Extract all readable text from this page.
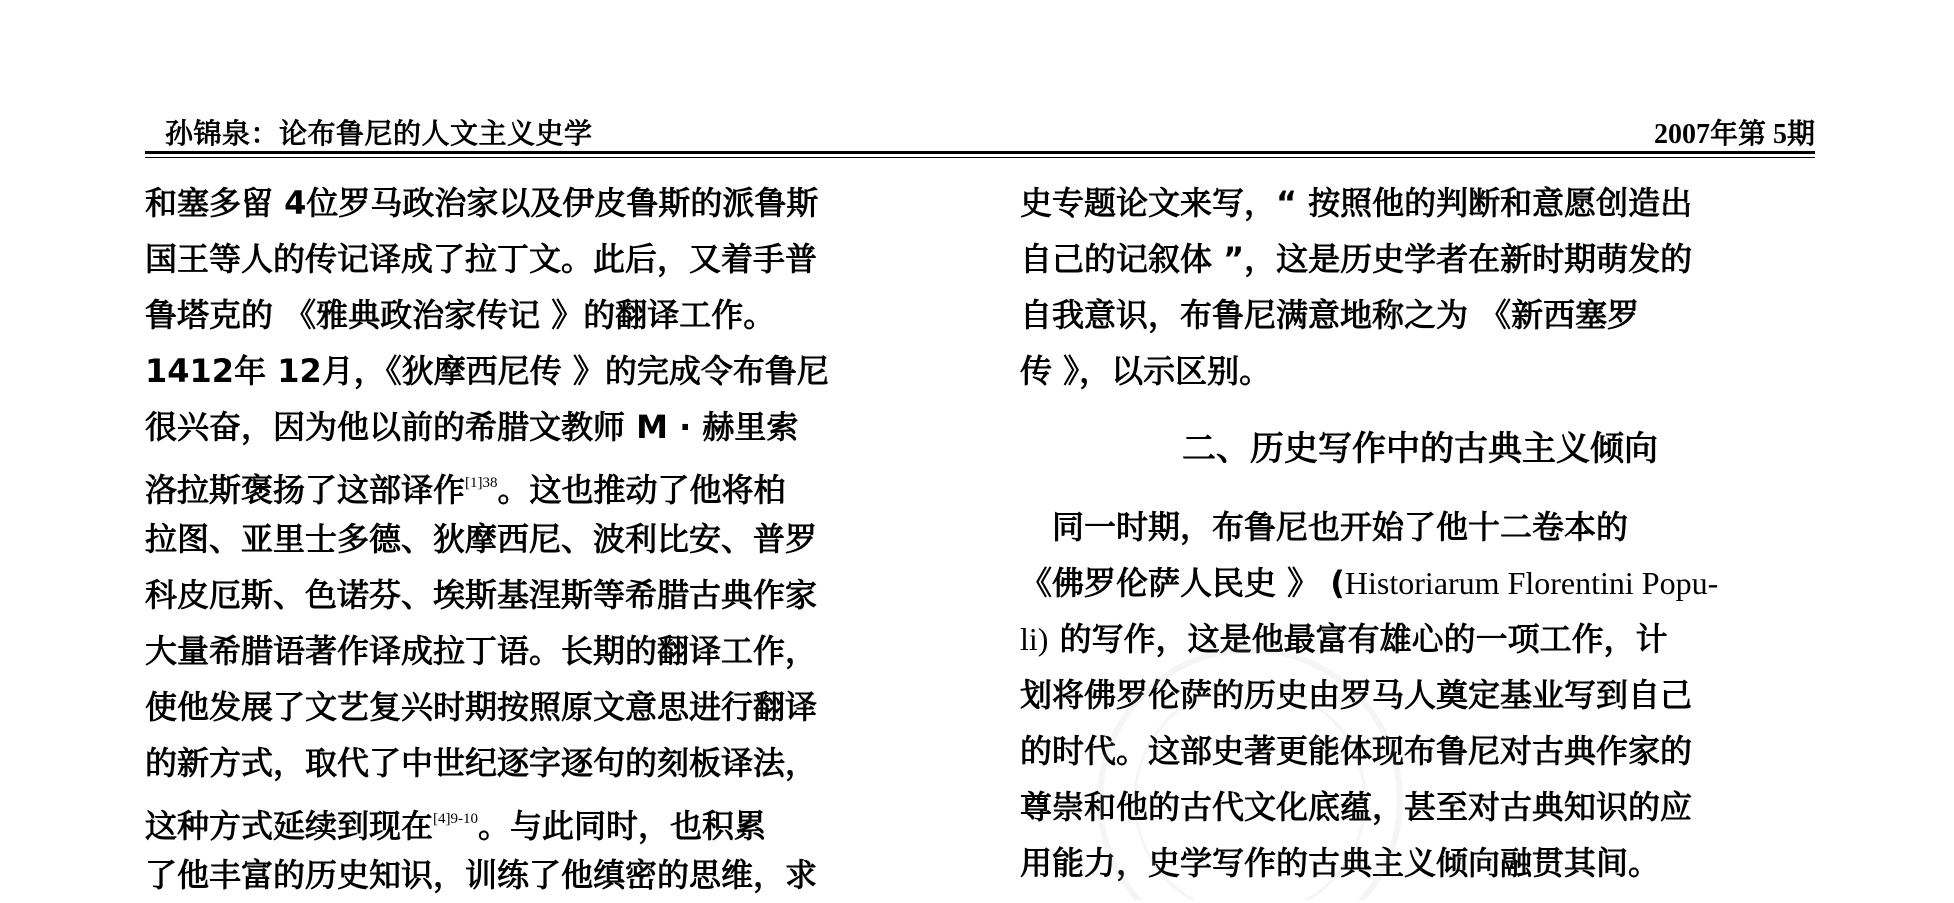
孙锦泉：论布鲁尼的人文主义史学	2007年第 5期
和塞多留 4位罗马政治家以及伊皮鲁斯的派鲁斯
国王等人的传记译成了拉丁文。此后，又着手普
鲁塔克的 《雅典政治家传记 》的翻译工作。
1412年 12月，《狄摩西尼传 》的完成令布鲁尼
很兴奋，因为他以前的希腊文教师 M · 赫里索
洛拉斯褒扬了这部译作$^{[1]38}$。这也推动了他将柏
拉图、亚里士多德、狄摩西尼、波利比安、普罗
科皮厄斯、色诺芬、埃斯基涅斯等希腊古典作家
大量希腊语著作译成拉丁语。长期的翻译工作，
使他发展了文艺复兴时期按照原文意思进行翻译
的新方式，取代了中世纪逐字逐句的刻板译法，
这种方式延续到现在$^{[4]9-10}$。与此同时，也积累
了他丰富的历史知识，训练了他缜密的思维，求
史专题论文来写，“ 按照他的判断和意愿创造出
自己的记叙体 ”，这是历史学者在新时期萌发的
自我意识，布鲁尼满意地称之为 《新西塞罗
传 》，以示区别。
二、历史写作中的古典主义倾向
　同一时期，布鲁尼也开始了他十二卷本的
《佛罗伦萨人民史 》 (Historiarum Florentini Popu-
li) 的写作，这是他最富有雄心的一项工作，计
划将佛罗伦萨的历史由罗马人奠定基业写到自己
的时代。这部史著更能体现布鲁尼对古典作家的
尊崇和他的古代文化底蕴，甚至对古典知识的应
用能力，史学写作的古典主义倾向融贯其间。
